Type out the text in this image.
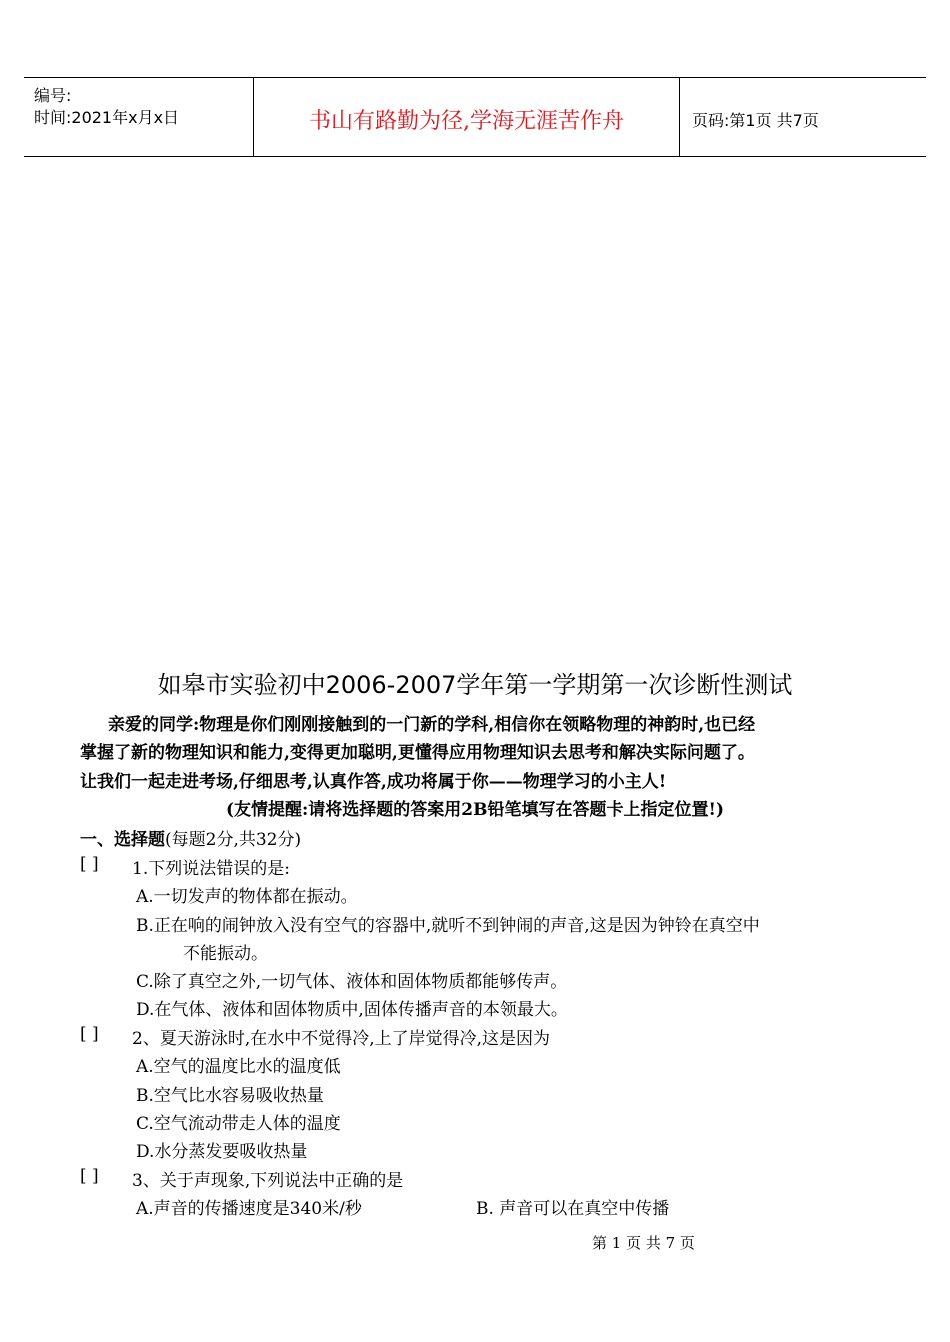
编号:
时间:2021年x月x日	书山有路勤为径,学海无涯苦作舟	页码:第1页 共7页
如皋市实验初中2006-2007学年第一学期第一次诊断性测试
亲爱的同学:物理是你们刚刚接触到的一门新的学科,相信你在领略物理的神韵时,也已经
掌握了新的物理知识和能力,变得更加聪明,更懂得应用物理知识去思考和解决实际问题了。
让我们一起走进考场,仔细思考,认真作答,成功将属于你——物理学习的小主人!
(友情提醒:请将选择题的答案用2B铅笔填写在答题卡上指定位置!)
一、选择题(每题2分,共32分)
[ ] 1.下列说法错误的是:
A.一切发声的物体都在振动。
B.正在响的闹钟放入没有空气的容器中,就听不到钟闹的声音,这是因为钟铃在真空中
不能振动。
C.除了真空之外,一切气体、液体和固体物质都能够传声。
D.在气体、液体和固体物质中,固体传播声音的本领最大。
[ ] 2、夏天游泳时,在水中不觉得冷,上了岸觉得冷,这是因为
A.空气的温度比水的温度低
B.空气比水容易吸收热量
C.空气流动带走人体的温度
D.水分蒸发要吸收热量
[ ] 3、关于声现象,下列说法中正确的是
A.声音的传播速度是340米/秒	B. 声音可以在真空中传播
第 1 页 共 7 页
